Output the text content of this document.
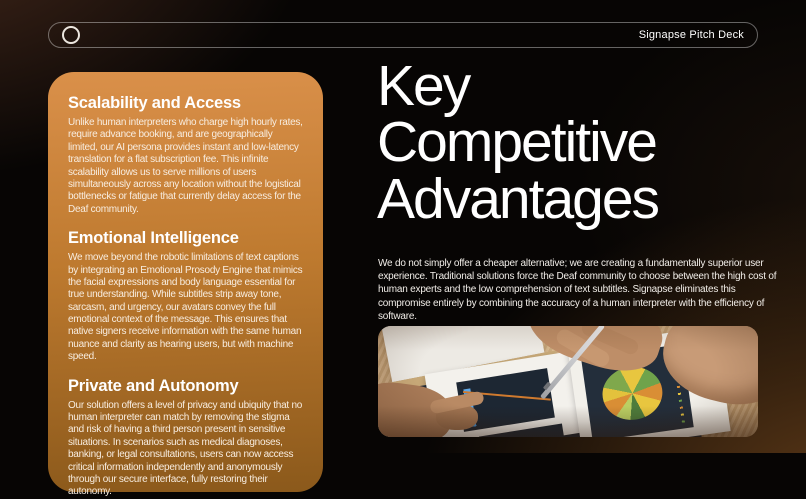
Signapse Pitch Deck
Scalability and Access

Unlike human interpreters who charge high hourly rates, require advance booking, and are geographically limited, our AI persona provides instant and low-latency translation for a flat subscription fee. This infinite scalability allows us to serve millions of users simultaneously across any location without the logistical bottlenecks or fatigue that currently delay access for the Deaf community.

Emotional Intelligence

We move beyond the robotic limitations of text captions by integrating an Emotional Prosody Engine that mimics the facial expressions and body language essential for true understanding. While subtitles strip away tone, sarcasm, and urgency, our avatars convey the full emotional context of the message. This ensures that native signers receive information with the same human nuance and clarity as hearing users, but with machine speed.

Private and Autonomy

Our solution offers a level of privacy and ubiquity that no human interpreter can match by removing the stigma and risk of having a third person present in sensitive situations. In scenarios such as medical diagnoses, banking, or legal consultations, users can now access critical information independently and anonymously through our secure interface, fully restoring their autonomy.

Key
Competitive
Advantages

We do not simply offer a cheaper alternative; we are creating a fundamentally superior user experience. Traditional solutions force the Deaf community to choose between the high cost of human experts and the low comprehension of text subtitles. Signapse eliminates this compromise entirely by combining the accuracy of a human interpreter with the efficiency of software.
